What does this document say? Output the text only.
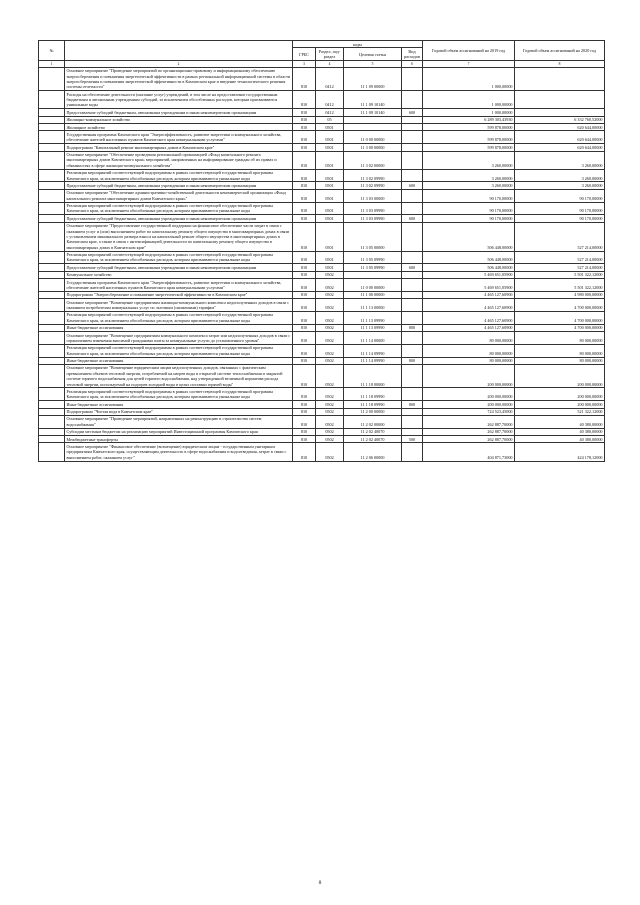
№		коды				Годовой объем ассигнований на 2019 год	Годовой объем ассигнований на 2020 год
		ГРБС	Раздел, под-раздел	Целевая статья	Вид расходов		
1	2	3	4	5	6	7	8
	Основное мероприятие "Проведение мероприятий по организационно-правовому и информационному обеспечению энергосбережения и повышения энергетической эффективности в рамках региональной информационной системы в области энергосбережения и повышения энергетической эффективности в Камчатском крае и введение технологического решения системы отчетности"	810	0412	11 1 09 00000		1 000,00000	
	Расходы на обеспечение деятельности (оказание услуг) учреждений, в том числе на предоставление государственным бюджетным и автономным учреждениям субсидий, за исключением обособленных расходов, которым присваиваются уникальные коды	810	0412	11 1 09 10140		1 000,00000	
	Предоставление субсидий бюджетным, автономным учреждениям и иным некоммерческим организациям	810	0412	11 1 09 10140	600	1 000,00000	
	Жилищно-коммунальное хозяйство	810	05			6 289 303,43930	6 332 760,52000
	Жилищное хозяйство	810	0501			599 878,00000	620 644,00000
	Государственная программа Камчатского края "Энергоэффективность, развитие энергетики и коммунального хозяйства, обеспечение жителей населенных пунктов Камчатского края коммунальными услугами"	810	0501	11 0 00 00000		599 878,00000	620 644,00000
	Подпрограмма "Капитальный ремонт многоквартирных домов в Камчатском крае"	810	0501	11 3 00 00000		599 878,00000	620 644,00000
	Основное мероприятие "Обеспечение проведения региональной организацией «Фонд капитального ремонта многоквартирных домов Камчатского края» мероприятий, направленных на информирование граждан об их правах и обязанностях в сфере жилищно-коммунального хозяйства"	810	0501	11 3 02 00000		3 260,00000	3 260,00000
	Реализация мероприятий соответствующей подпрограммы в рамках соответствующей государственной программы Камчатского края, за исключением обособленных расходов, которым присваиваются уникальные коды	810	0501	11 3 02 09990		3 260,00000	3 260,00000
	Предоставление субсидий бюджетным, автономным учреждениям и иным некоммерческим организациям	810	0501	11 3 02 09990	600	3 260,00000	3 260,00000
	Основное мероприятие "Обеспечение административно-хозяйственной деятельности некоммерческой организации «Фонд капитального ремонта многоквартирных домов Камчатского края»"	810	0501	11 3 03 00000		90 170,00000	90 170,00000
	Реализация мероприятий соответствующей подпрограммы в рамках соответствующей государственной программы Камчатского края, за исключением обособленных расходов, которым присваиваются уникальные коды	810	0501	11 3 03 09990		90 170,00000	90 170,00000
	Предоставление субсидий бюджетным, автономным учреждениям и иным некоммерческим организациям	810	0501	11 3 03 09990	600	90 170,00000	90 170,00000
	Основное мероприятие "Предоставление государственной поддержки на финансовое обеспечение части затрат в связи с оказанием услуг и (или) выполнением работ по капитальному ремонту общего имущества в многоквартирных домах в связи с установлением минимального размера взноса на капитальный ремонт общего имущества в многоквартирных домах в Камчатском крае, а также в связи с интенсификацией деятельности по капитальному ремонту общего имущества в многоквартирных домах в Камчатском крае"	810	0501	11 3 05 00000		506 448,00000	527 214,00000
	Реализация мероприятий соответствующей подпрограммы в рамках соответствующей государственной программы Камчатского края, за исключением обособленных расходов, которым присваиваются уникальные коды	810	0501	11 3 05 09990		506 448,00000	527 214,00000
	Предоставление субсидий бюджетным, автономным учреждениям и иным некоммерческим организациям	810	0501	11 3 05 09990	600	506 448,00000	527 214,00000
	Коммунальное хозяйство	810	0502			5 469 651,05900	5 501 322,12000
	Государственная программа Камчатского края "Энергоэффективность, развитие энергетики и коммунального хозяйства, обеспечение жителей населенных пунктов Камчатского края коммунальными услугами"	810	0502	11 0 00 00000		5 469 651,05900	5 501 322,12000
	Подпрограмма "Энергосбережение и повышение энергетической эффективности в Камчатском крае"	810	0502	11 1 00 00000		4 465 127,60900	4 980 000,00000
	Основное мероприятие "Возмещение предприятиям жилищно-коммунального комплекса недополученных доходов в связи с оказанием потребителям коммунальных услуг по льготным (сниженным) тарифам"	810	0502	11 1 13 00000		4 465 127,60900	4 700 000,00000
	Реализация мероприятий соответствующей подпрограммы в рамках соответствующей государственной программы Камчатского края, за исключением обособленных расходов, которым присваиваются уникальные коды	810	0502	11 1 13 09990		4 465 127,60900	4 700 000,00000
	Иные бюджетные ассигнования	810	0502	11 1 13 09990	800	4 465 127,60900	4 700 000,00000
	Основное мероприятие "Возмещение предприятиям коммунального комплекса затрат или недополученных доходов в связи с ограничением изменения вносимой гражданами платы за коммунальные услуги до установленного уровня"	810	0502	11 1 14 00000		80 000,00000	80 000,00000
	Реализация мероприятий соответствующей подпрограммы в рамках соответствующей государственной программы Камчатского края, за исключением обособленных расходов, которым присваиваются уникальные коды	810	0502	11 1 14 09990		80 000,00000	80 000,00000
	Иные бюджетные ассигнования	810	0502	11 1 14 09990	800	80 000,00000	80 000,00000
	Основное мероприятие "Возмещение юридическим лицам недополученных доходов, связанных с фактическим превышением объемов тепловой энергии, потребляемой на нагрев воды в открытой системе теплоснабжения и закрытой системе горячего водоснабжения для целей горячего водоснабжения, над утвержденной величиной норматива расхода тепловой энергии, используемой на подогрев холодной воды в целях поставки горячей воды"	810	0502	11 1 18 00000		200 000,00000	200 000,00000
	Реализация мероприятий соответствующей подпрограммы в рамках соответствующей государственной программы Камчатского края, за исключением обособленных расходов, которым присваиваются уникальные коды	810	0502	11 1 18 09990		200 000,00000	200 000,00000
	Иные бюджетные ассигнования	810	0502	11 1 18 09990	800	200 000,00000	200 000,00000
	Подпрограмма "Чистая вода в Камчатском крае"	810	0502	11 2 00 00000		724 523,45000	521 322,12000
	Основное мероприятие "Проведение мероприятий, направленных на реконструкцию и строительство систем водоснабжения"	810	0502	11 2 02 00000		262 887,70000	40 380,00000
	Субсидии местным бюджетам на реализацию мероприятий Инвестиционной программы Камчатского края	810	0502	11 2 02 40070		262 887,70000	40 380,00000
	Межбюджетные трансферты	810	0502	11 2 02 40070	500	262 887,70000	40 380,00000
	Основное мероприятие "Финансовое обеспечение (возмещение) юридическим лицам - государственным унитарным предприятиям Камчатского края, осуществляющим деятельность в сфере водоснабжения и водоотведения, затрат в связи с выполнением работ, оказанием услуг"	810	0502	11 2 06 00000		404 871,73000	424 178,12000
8
